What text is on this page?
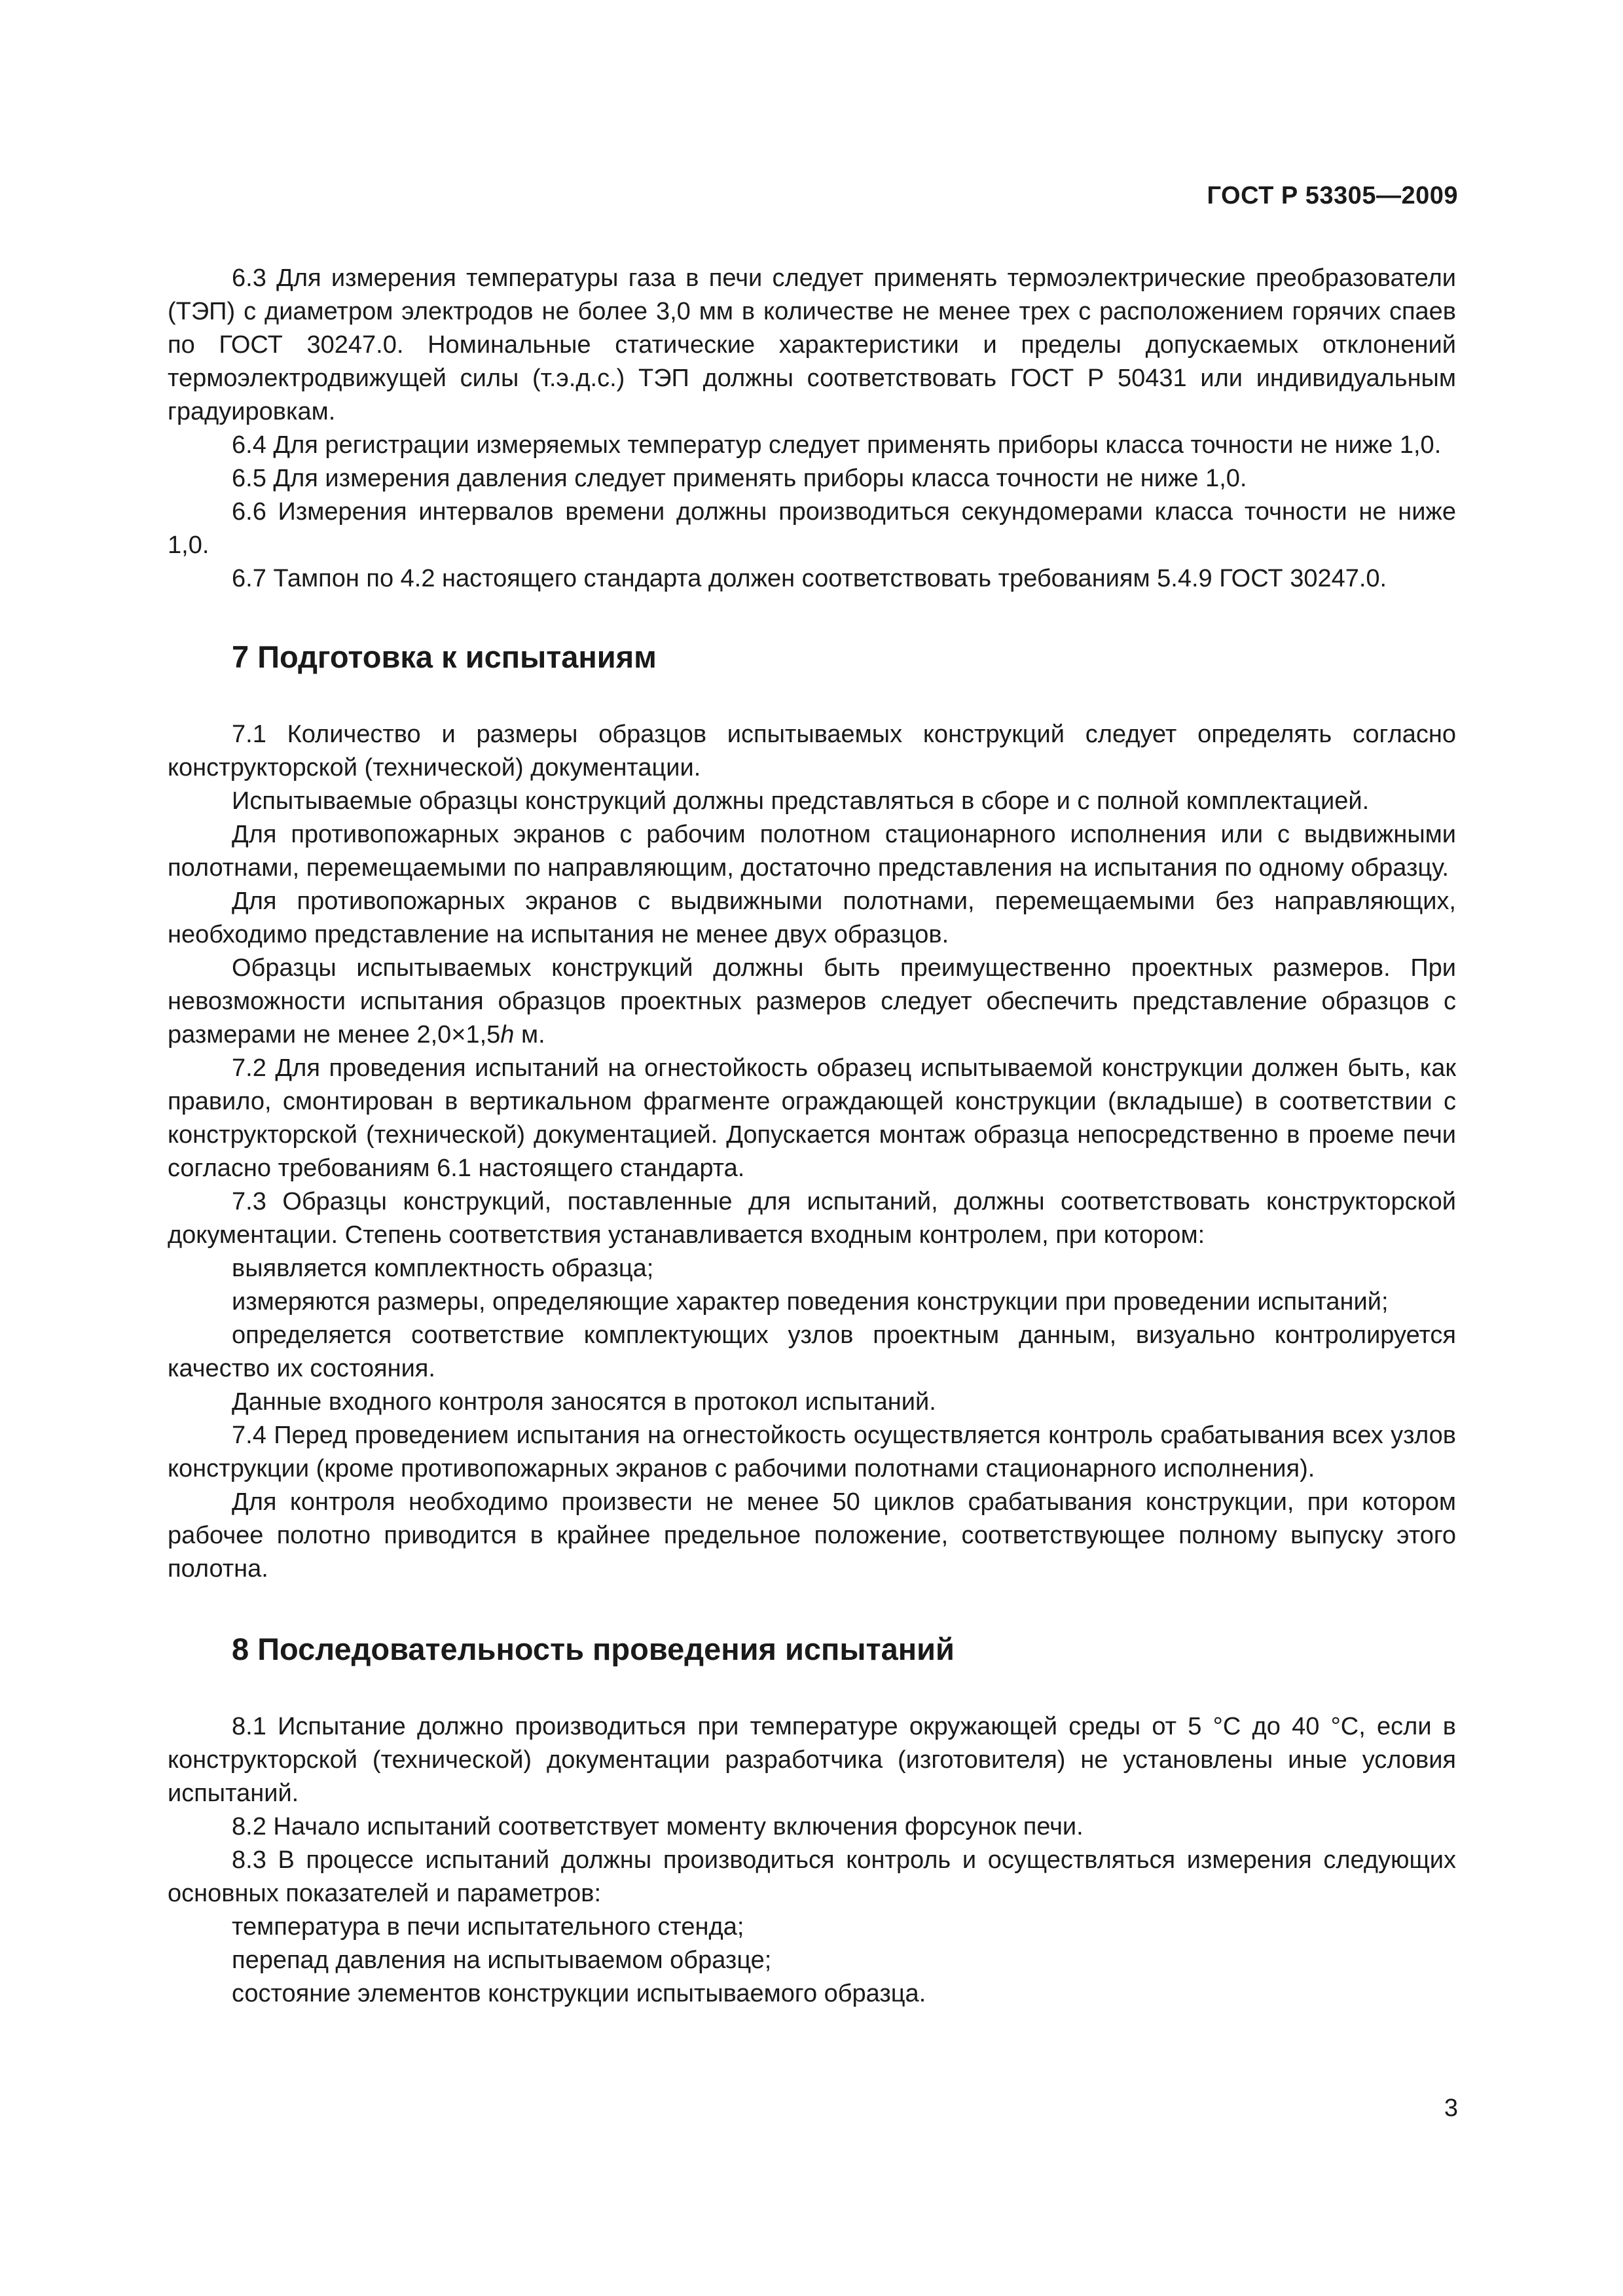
ГОСТ Р 53305—2009

6.3 Для измерения температуры газа в печи следует применять термоэлектрические преобразователи (ТЭП) с диаметром электродов не более 3,0 мм в количестве не менее трех с расположением горячих спаев по ГОСТ 30247.0. Номинальные статические характеристики и пределы допускаемых отклонений термоэлектродвижущей силы (т.э.д.с.) ТЭП должны соответствовать ГОСТ Р 50431 или индивидуальным градуировкам.

6.4 Для регистрации измеряемых температур следует применять приборы класса точности не ниже 1,0.

6.5 Для измерения давления следует применять приборы класса точности не ниже 1,0.

6.6 Измерения интервалов времени должны производиться секундомерами класса точности не ниже 1,0.

6.7 Тампон по 4.2 настоящего стандарта должен соответствовать требованиям 5.4.9 ГОСТ 30247.0.

7 Подготовка к испытаниям

7.1 Количество и размеры образцов испытываемых конструкций следует определять согласно конструкторской (технической) документации.

Испытываемые образцы конструкций должны представляться в сборе и с полной комплектацией.

Для противопожарных экранов с рабочим полотном стационарного исполнения или с выдвижными полотнами, перемещаемыми по направляющим, достаточно представления на испытания по одному образцу.

Для противопожарных экранов с выдвижными полотнами, перемещаемыми без направляющих, необходимо представление на испытания не менее двух образцов.

Образцы испытываемых конструкций должны быть преимущественно проектных размеров. При невозможности испытания образцов проектных размеров следует обеспечить представление образцов с размерами не менее 2,0×1,5h м.

7.2 Для проведения испытаний на огнестойкость образец испытываемой конструкции должен быть, как правило, смонтирован в вертикальном фрагменте ограждающей конструкции (вкладыше) в соответствии с конструкторской (технической) документацией. Допускается монтаж образца непосредственно в проеме печи согласно требованиям 6.1 настоящего стандарта.

7.3 Образцы конструкций, поставленные для испытаний, должны соответствовать конструкторской документации. Степень соответствия устанавливается входным контролем, при котором:

выявляется комплектность образца;

измеряются размеры, определяющие характер поведения конструкции при проведении испытаний;

определяется соответствие комплектующих узлов проектным данным, визуально контролируется качество их состояния.

Данные входного контроля заносятся в протокол испытаний.

7.4 Перед проведением испытания на огнестойкость осуществляется контроль срабатывания всех узлов конструкции (кроме противопожарных экранов с рабочими полотнами стационарного исполнения).

Для контроля необходимо произвести не менее 50 циклов срабатывания конструкции, при котором рабочее полотно приводится в крайнее предельное положение, соответствующее полному выпуску этого полотна.

8 Последовательность проведения испытаний

8.1 Испытание должно производиться при температуре окружающей среды от 5 °С до 40 °С, если в конструкторской (технической) документации разработчика (изготовителя) не установлены иные условия испытаний.

8.2 Начало испытаний соответствует моменту включения форсунок печи.

8.3 В процессе испытаний должны производиться контроль и осуществляться измерения следующих основных показателей и параметров:

температура в печи испытательного стенда;

перепад давления на испытываемом образце;

состояние элементов конструкции испытываемого образца.

3
